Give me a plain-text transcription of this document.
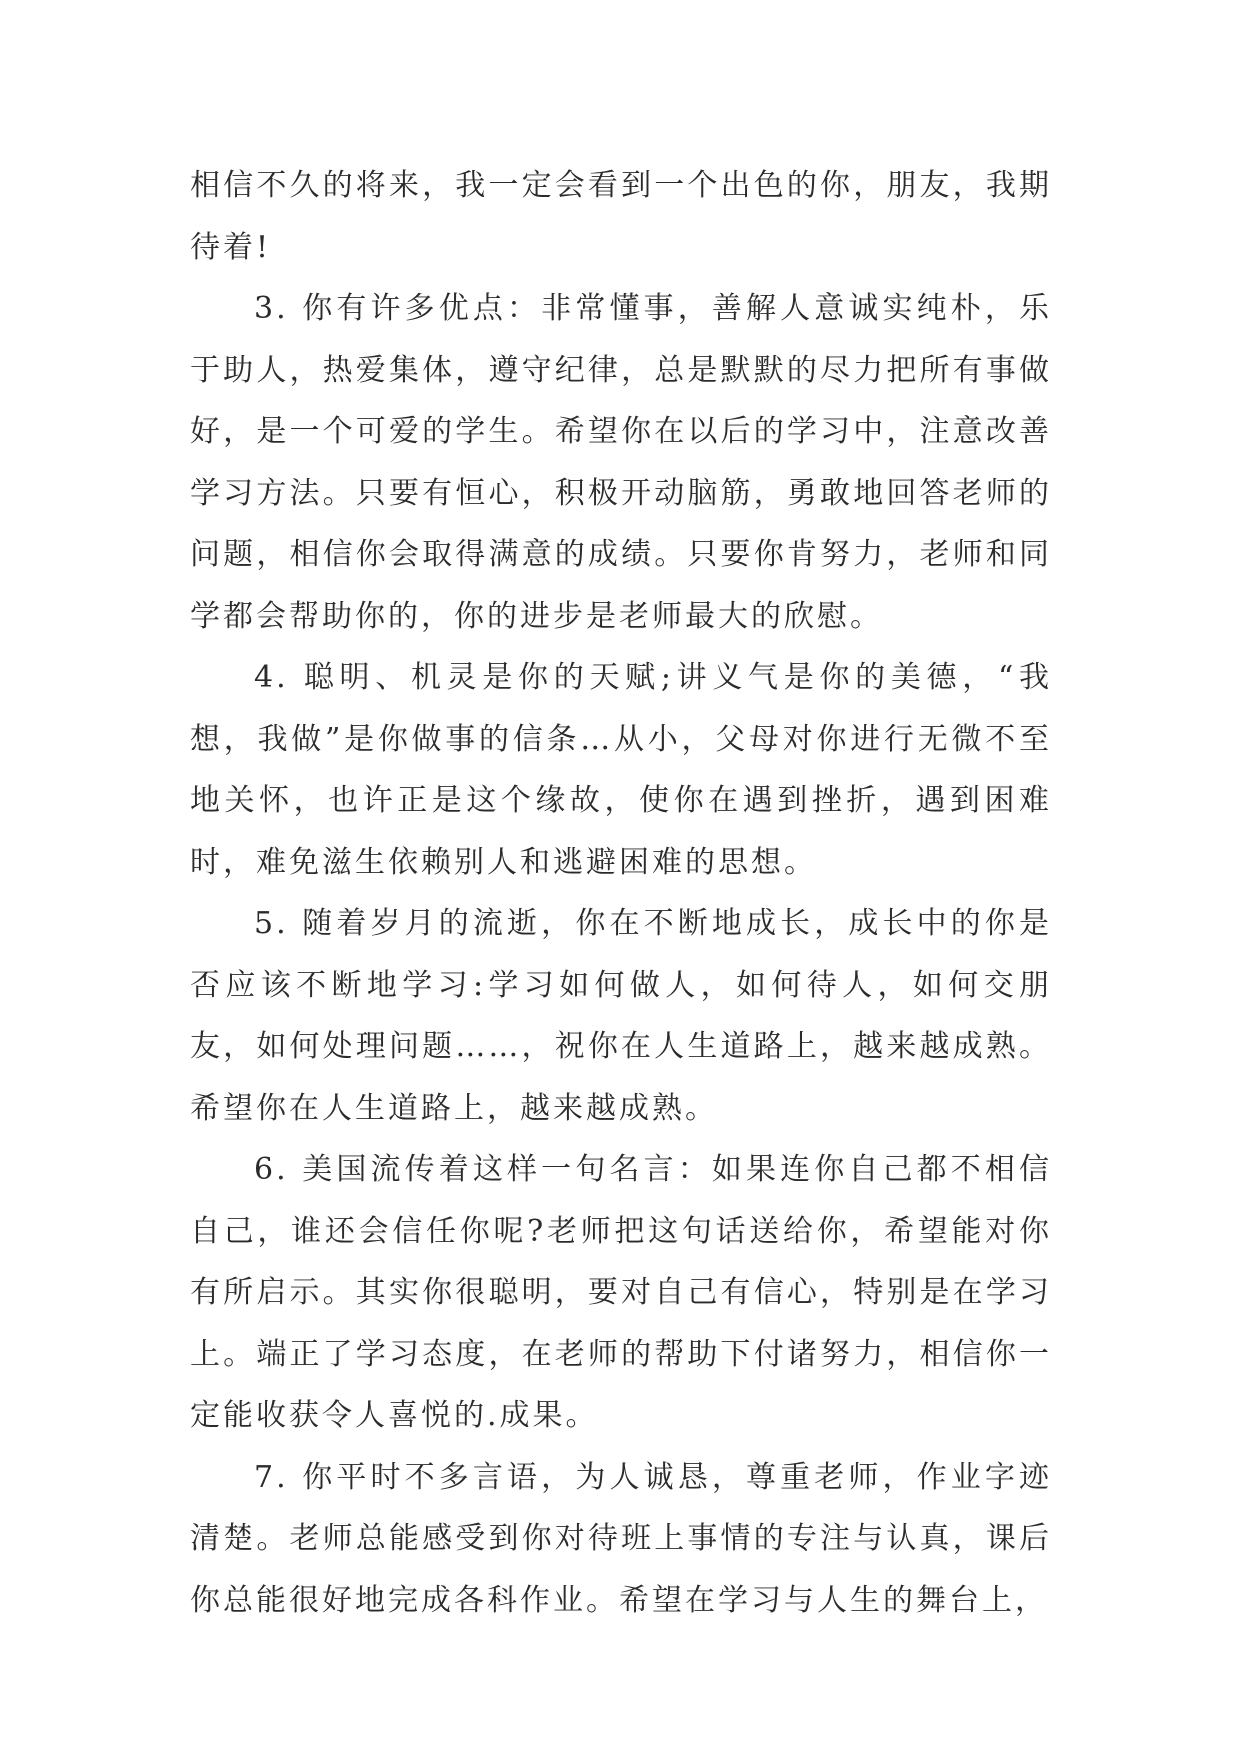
相信不久的将来，我一定会看到一个出色的你，朋友，我期待着!

3. 你有许多优点：非常懂事，善解人意诚实纯朴，乐于助人，热爱集体，遵守纪律，总是默默的尽力把所有事做好，是一个可爱的学生。希望你在以后的学习中，注意改善学习方法。只要有恒心，积极开动脑筋，勇敢地回答老师的问题，相信你会取得满意的成绩。只要你肯努力，老师和同学都会帮助你的，你的进步是老师最大的欣慰。

4. 聪明、机灵是你的天赋;讲义气是你的美德，“我想，我做”是你做事的信条…从小，父母对你进行无微不至地关怀，也许正是这个缘故，使你在遇到挫折，遇到困难时，难免滋生依赖别人和逃避困难的思想。

5. 随着岁月的流逝，你在不断地成长，成长中的你是否应该不断地学习:学习如何做人，如何待人，如何交朋友，如何处理问题……，祝你在人生道路上，越来越成熟。希望你在人生道路上，越来越成熟。

6. 美国流传着这样一句名言：如果连你自己都不相信自己，谁还会信任你呢?老师把这句话送给你，希望能对你有所启示。其实你很聪明，要对自己有信心，特别是在学习上。端正了学习态度，在老师的帮助下付诸努力，相信你一定能收获令人喜悦的.成果。

7. 你平时不多言语，为人诚恳，尊重老师，作业字迹清楚。老师总能感受到你对待班上事情的专注与认真，课后你总能很好地完成各科作业。希望在学习与人生的舞台上，
